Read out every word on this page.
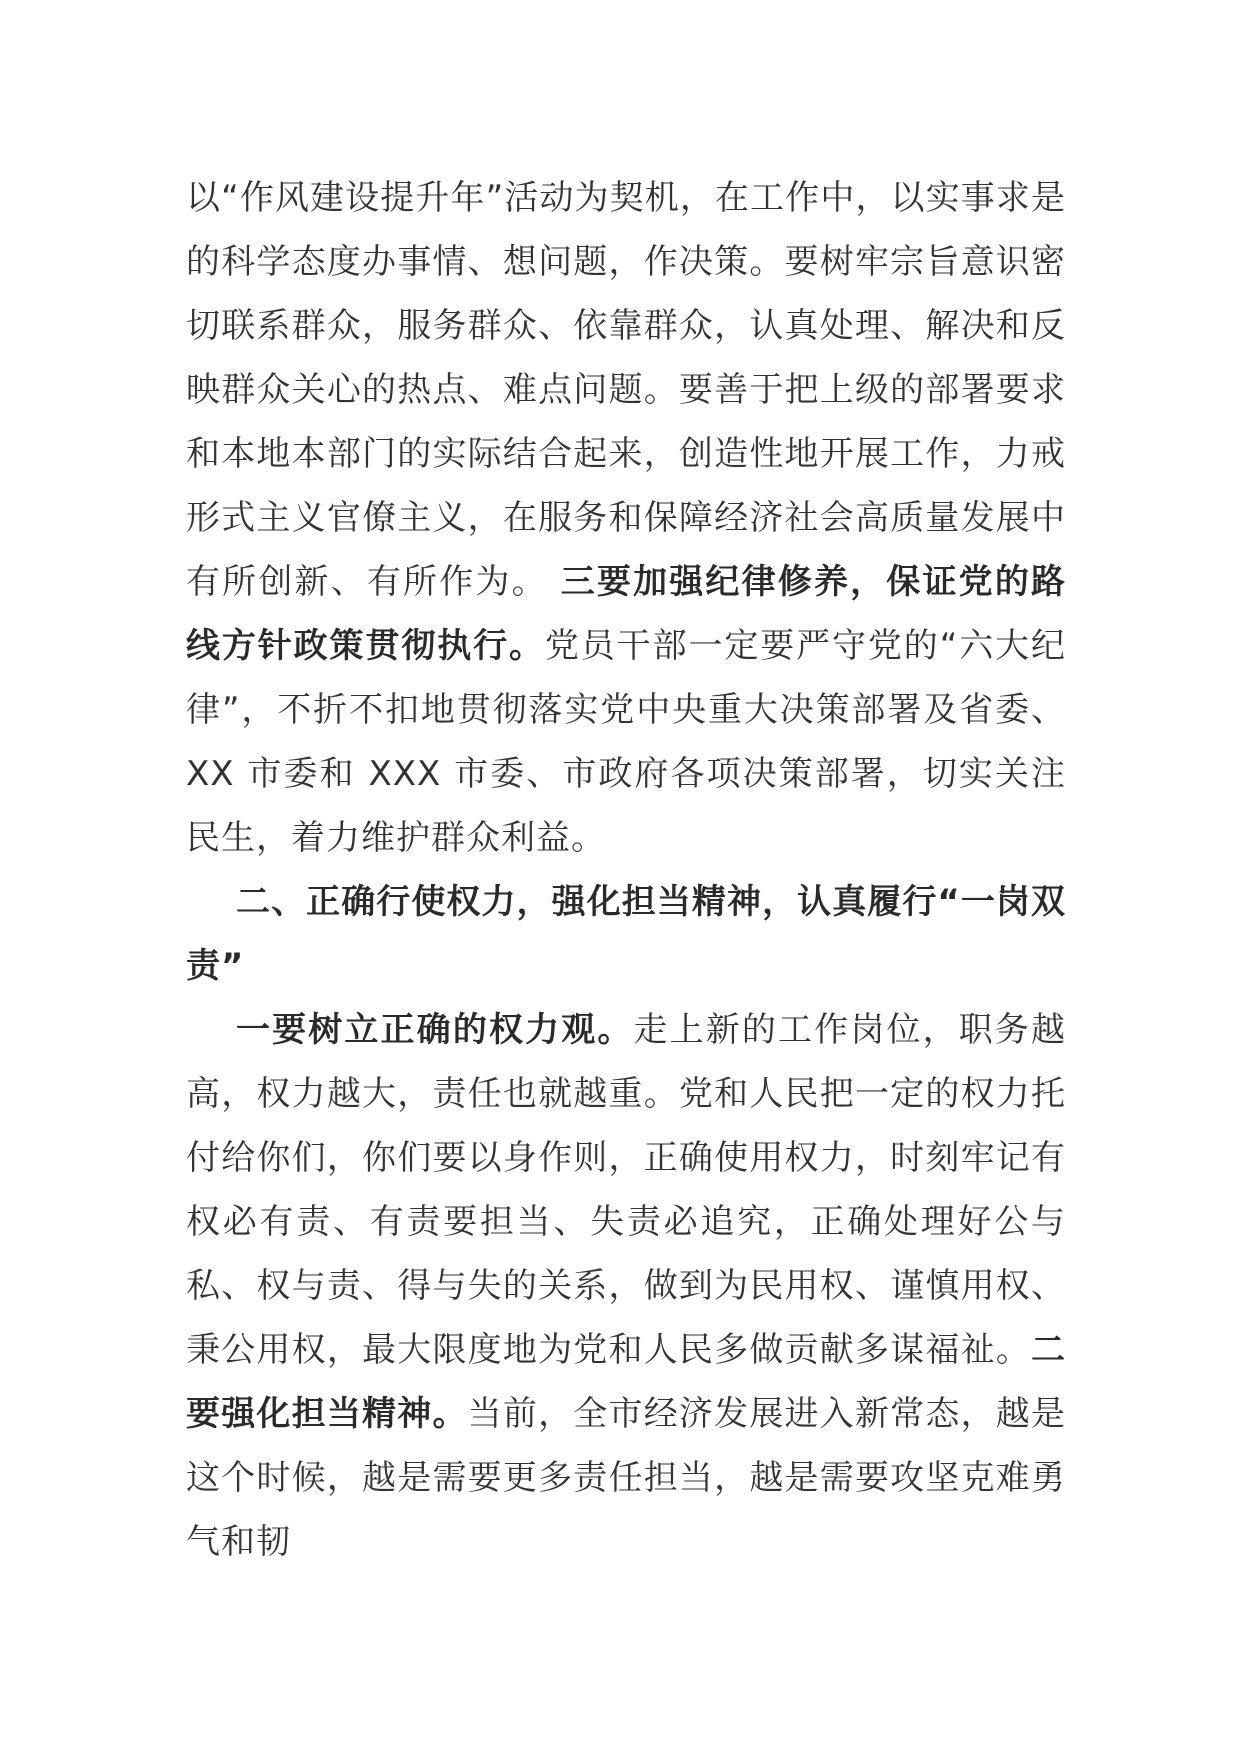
以“作风建设提升年”活动为契机，在工作中，以实事求是的科学态度办事情、想问题，作决策。要树牢宗旨意识密切联系群众，服务群众、依靠群众，认真处理、解决和反映群众关心的热点、难点问题。要善于把上级的部署要求和本地本部门的实际结合起来，创造性地开展工作，力戒形式主义官僚主义，在服务和保障经济社会高质量发展中有所创新、有所作为。 三要加强纪律修养，保证党的路线方针政策贯彻执行。党员干部一定要严守党的“六大纪律”，不折不扣地贯彻落实党中央重大决策部署及省委、XX 市委和 XXX 市委、市政府各项决策部署，切实关注民生，着力维护群众利益。

二、正确行使权力，强化担当精神，认真履行“一岗双责”

一要树立正确的权力观。走上新的工作岗位，职务越高，权力越大，责任也就越重。党和人民把一定的权力托付给你们，你们要以身作则，正确使用权力，时刻牢记有权必有责、有责要担当、失责必追究，正确处理好公与私、权与责、得与失的关系，做到为民用权、谨慎用权、秉公用权，最大限度地为党和人民多做贡献多谋福祉。二要强化担当精神。当前，全市经济发展进入新常态，越是这个时候，越是需要更多责任担当，越是需要攻坚克难勇气和韧
